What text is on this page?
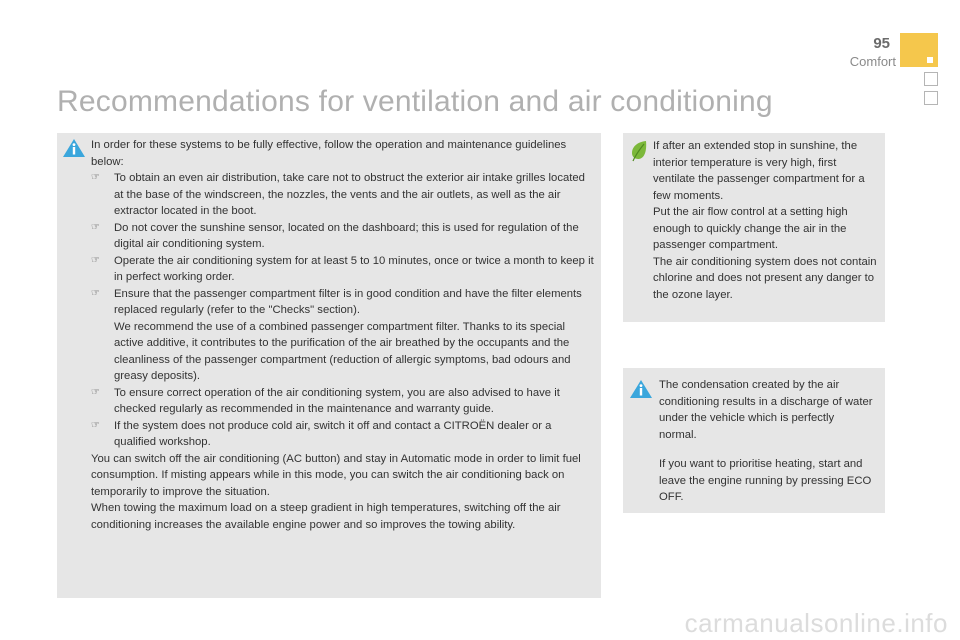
95
Comfort
Recommendations for ventilation and air conditioning

In order for these systems to be fully effective, follow the operation and maintenance guidelines below:

☞ To obtain an even air distribution, take care not to obstruct the exterior air intake grilles located at the base of the windscreen, the nozzles, the vents and the air outlets, as well as the air extractor located in the boot.
☞ Do not cover the sunshine sensor, located on the dashboard; this is used for regulation of the digital air conditioning system.
☞ Operate the air conditioning system for at least 5 to 10 minutes, once or twice a month to keep it in perfect working order.
☞ Ensure that the passenger compartment filter is in good condition and have the filter elements replaced regularly (refer to the "Checks" section).
We recommend the use of a combined passenger compartment filter. Thanks to its special active additive, it contributes to the purification of the air breathed by the occupants and the cleanliness of the passenger compartment (reduction of allergic symptoms, bad odours and greasy deposits).
☞ To ensure correct operation of the air conditioning system, you are also advised to have it checked regularly as recommended in the maintenance and warranty guide.
☞ If the system does not produce cold air, switch it off and contact a CITROËN dealer or a qualified workshop.

You can switch off the air conditioning (AC button) and stay in Automatic mode in order to limit fuel consumption. If misting appears while in this mode, you can switch the air conditioning back on temporarily to improve the situation.

When towing the maximum load on a steep gradient in high temperatures, switching off the air conditioning increases the available engine power and so improves the towing ability.

If after an extended stop in sunshine, the interior temperature is very high, first ventilate the passenger compartment for a few moments.

Put the air flow control at a setting high enough to quickly change the air in the passenger compartment.

The air conditioning system does not contain chlorine and does not present any danger to the ozone layer.

The condensation created by the air conditioning results in a discharge of water under the vehicle which is perfectly normal.

If you want to prioritise heating, start and leave the engine running by pressing ECO OFF.

carmanualsonline.info
